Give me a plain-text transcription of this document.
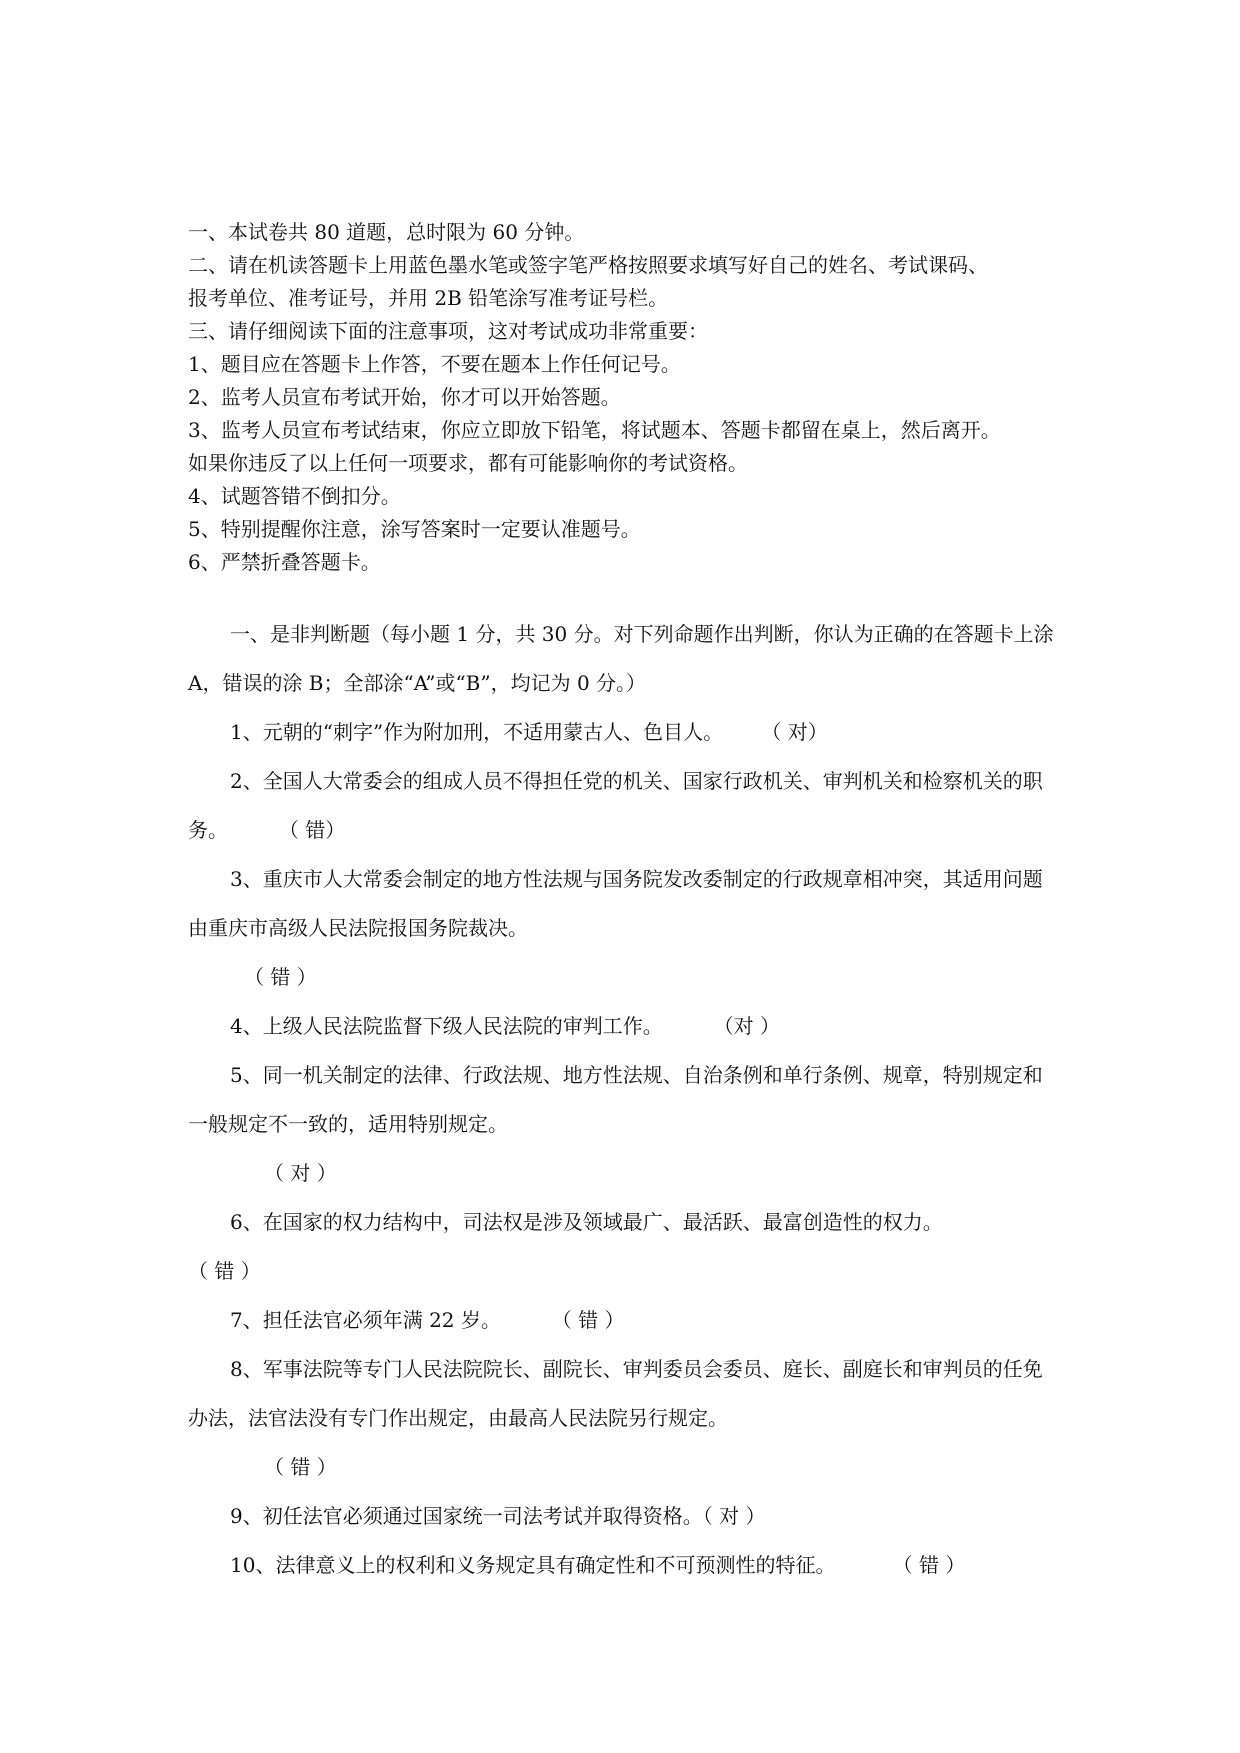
一、本试卷共 80 道题，总时限为 60 分钟。
二、请在机读答题卡上用蓝色墨水笔或签字笔严格按照要求填写好自己的姓名、考试课码、
报考单位、准考证号，并用 2B 铅笔涂写准考证号栏。
三、请仔细阅读下面的注意事项，这对考试成功非常重要：
1、题目应在答题卡上作答，不要在题本上作任何记号。
2、监考人员宣布考试开始，你才可以开始答题。
3、监考人员宣布考试结束，你应立即放下铅笔，将试题本、答题卡都留在桌上，然后离开。
如果你违反了以上任何一项要求，都有可能影响你的考试资格。
4、试题答错不倒扣分。
5、特别提醒你注意，涂写答案时一定要认准题号。
6、严禁折叠答题卡。
一、是非判断题（每小题 1 分，共 30 分。对下列命题作出判断，你认为正确的在答题卡上涂 A，错误的涂 B；全部涂“A”或“B”，均记为 0 分。）
1、元朝的“刺字”作为附加刑，不适用蒙古人、色目人。 （ 对）
2、全国人大常委会的组成人员不得担任党的机关、国家行政机关、审判机关和检察机关的职务。	（ 错）
3、重庆市人大常委会制定的地方性法规与国务院发改委制定的行政规章相冲突，其适用问题由重庆市高级人民法院报国务院裁决。
（ 错 ）
4、上级人民法院监督下级人民法院的审判工作。	（对 ）
5、同一机关制定的法律、行政法规、地方性法规、自治条例和单行条例、规章，特别规定和一般规定不一致的，适用特别规定。
（ 对 ）
6、在国家的权力结构中，司法权是涉及领域最广、最活跃、最富创造性的权力。
（ 错 ）
7、担任法官必须年满 22 岁。	（ 错 ）
8、军事法院等专门人民法院院长、副院长、审判委员会委员、庭长、副庭长和审判员的任免办法，法官法没有专门作出规定，由最高人民法院另行规定。
（ 错 ）
9、初任法官必须通过国家统一司法考试并取得资格。（ 对 ）
10、法律意义上的权利和义务规定具有确定性和不可预测性的特征。	（ 错 ）
